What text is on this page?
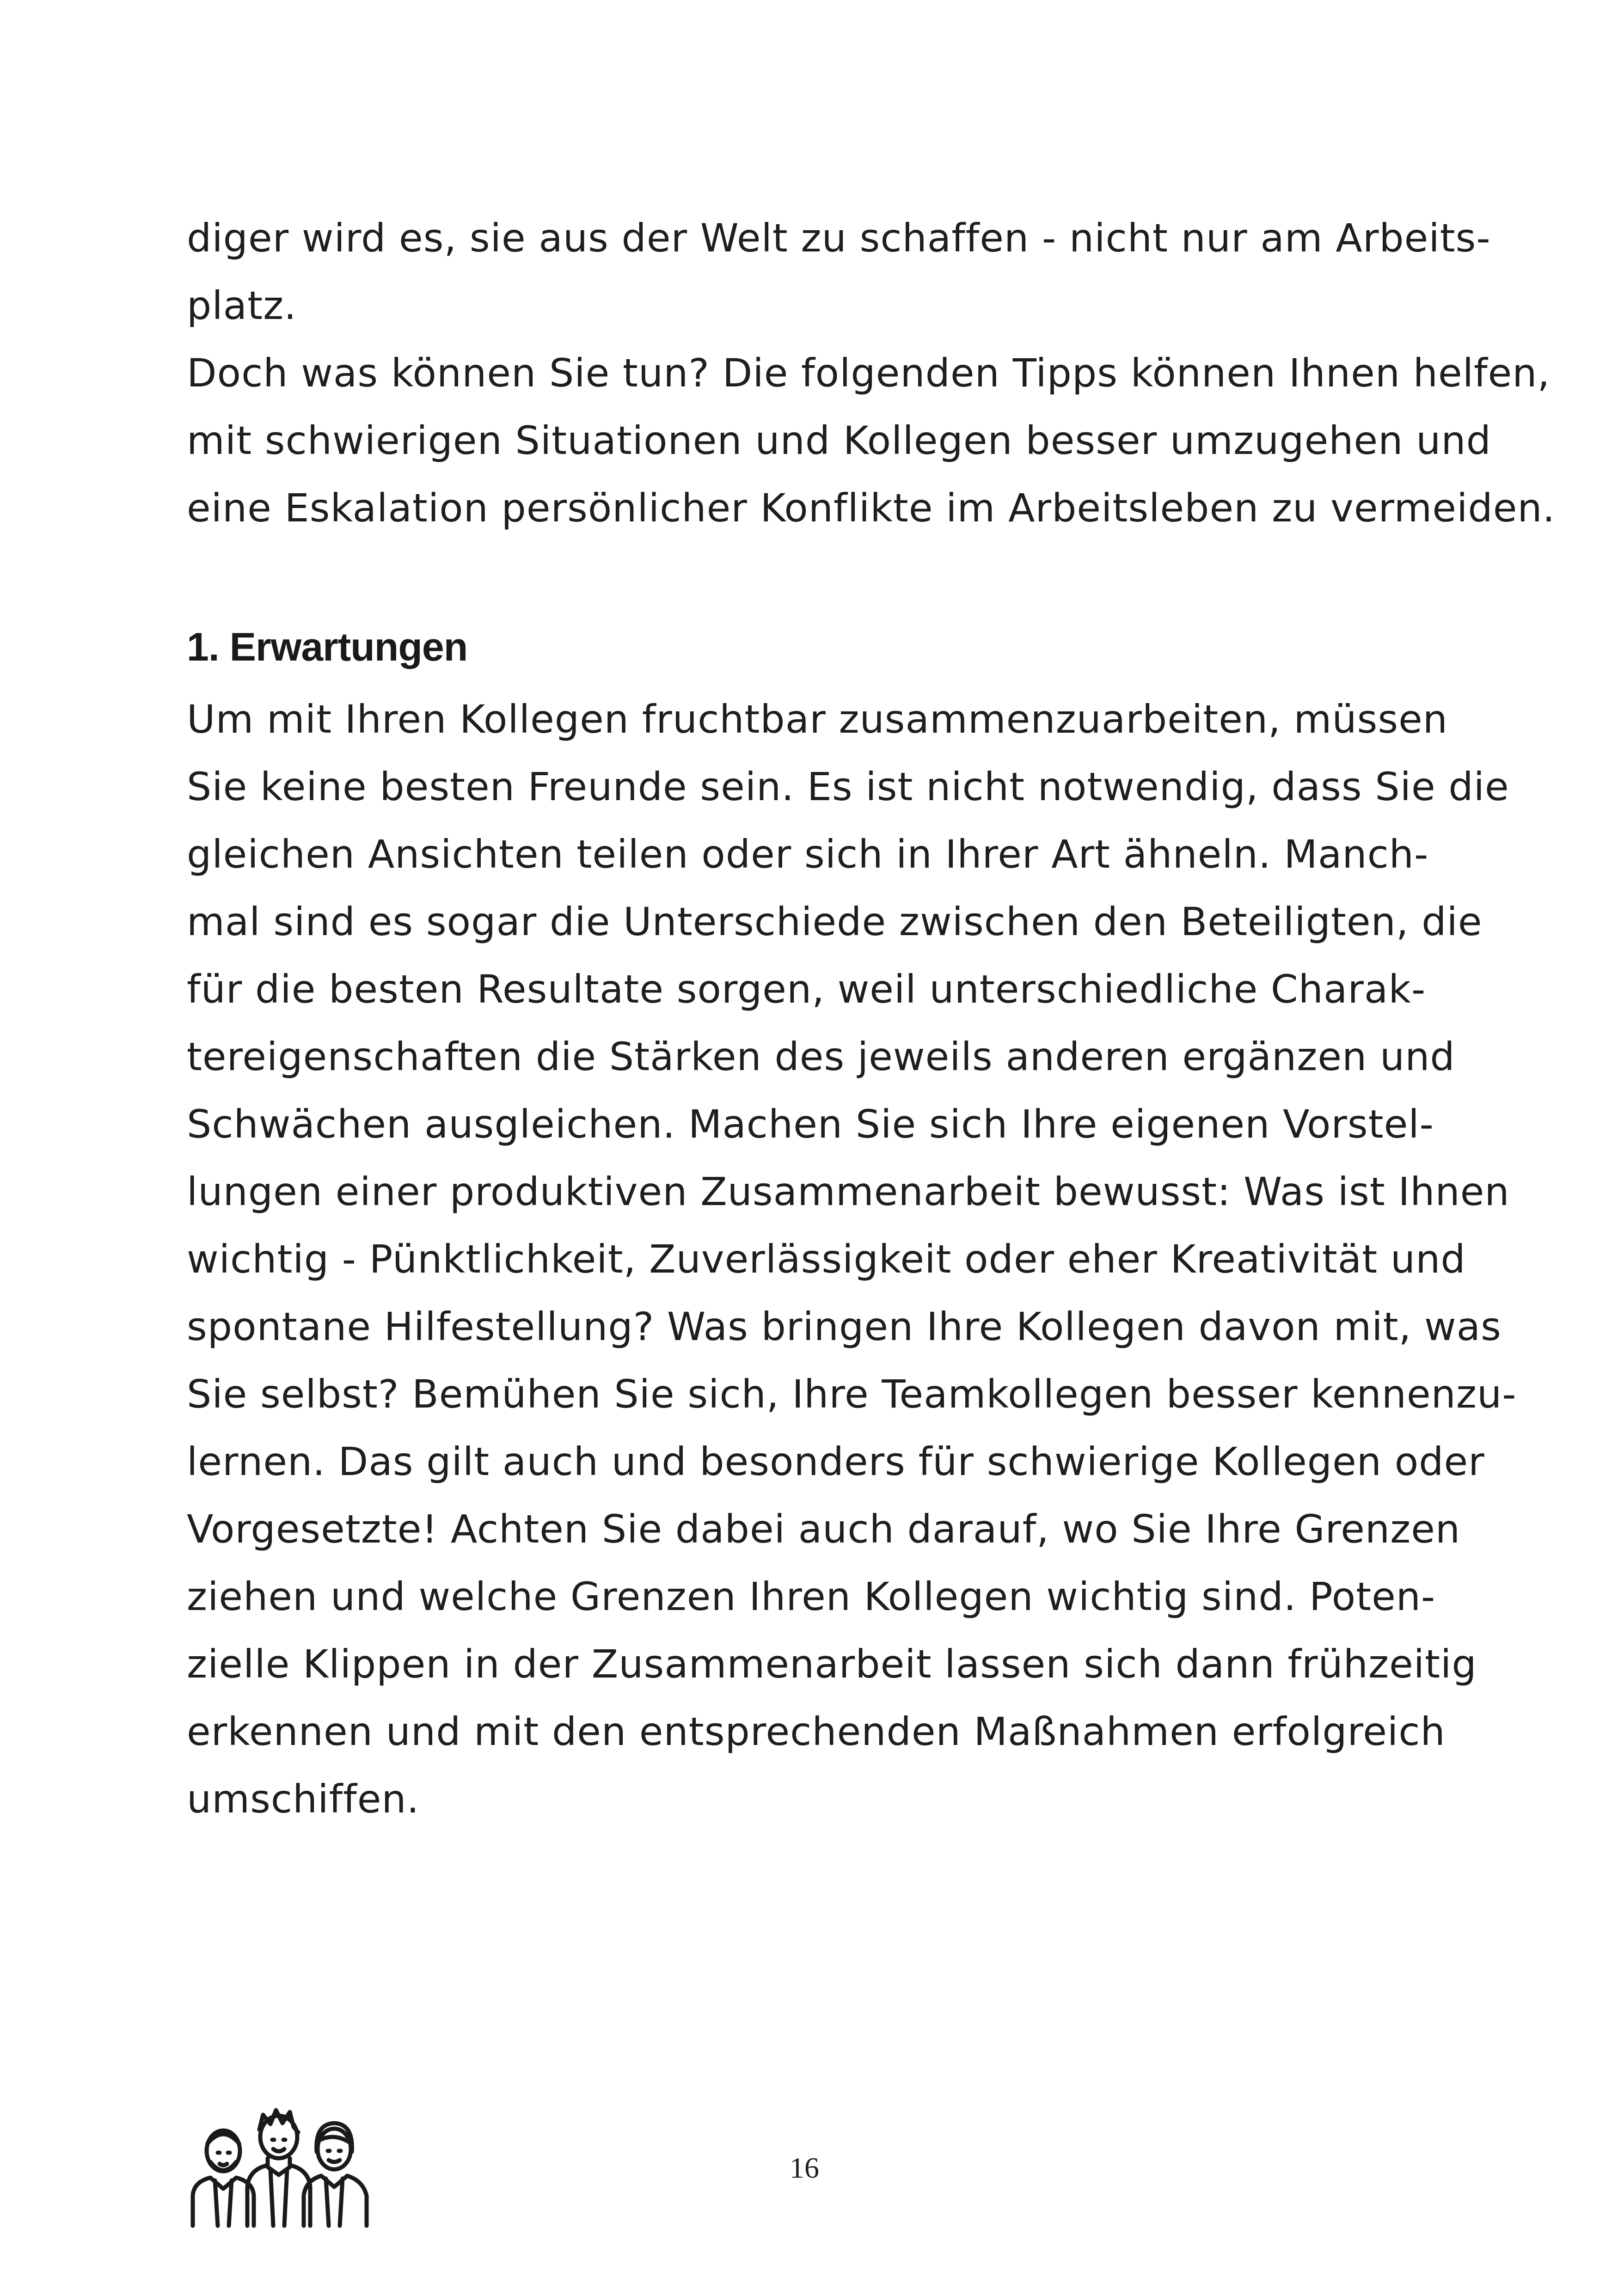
diger wird es, sie aus der Welt zu schaffen - nicht nur am Arbeits-
platz.
Doch was können Sie tun? Die folgenden Tipps können Ihnen helfen,
mit schwierigen Situationen und Kollegen besser umzugehen und
eine Eskalation persönlicher Konflikte im Arbeitsleben zu vermeiden.
1. Erwartungen
Um mit Ihren Kollegen fruchtbar zusammenzuarbeiten, müssen
Sie keine besten Freunde sein. Es ist nicht notwendig, dass Sie die
gleichen Ansichten teilen oder sich in Ihrer Art ähneln. Manch-
mal sind es sogar die Unterschiede zwischen den Beteiligten, die
für die besten Resultate sorgen, weil unterschiedliche Charak-
tereigenschaften die Stärken des jeweils anderen ergänzen und
Schwächen ausgleichen. Machen Sie sich Ihre eigenen Vorstel-
lungen einer produktiven Zusammenarbeit bewusst: Was ist Ihnen
wichtig - Pünktlichkeit, Zuverlässigkeit oder eher Kreativität und
spontane Hilfestellung? Was bringen Ihre Kollegen davon mit, was
Sie selbst? Bemühen Sie sich, Ihre Teamkollegen besser kennenzu-
lernen. Das gilt auch und besonders für schwierige Kollegen oder
Vorgesetzte! Achten Sie dabei auch darauf, wo Sie Ihre Grenzen
ziehen und welche Grenzen Ihren Kollegen wichtig sind. Poten-
zielle Klippen in der Zusammenarbeit lassen sich dann frühzeitig
erkennen und mit den entsprechenden Maßnahmen erfolgreich
umschiffen.
16
